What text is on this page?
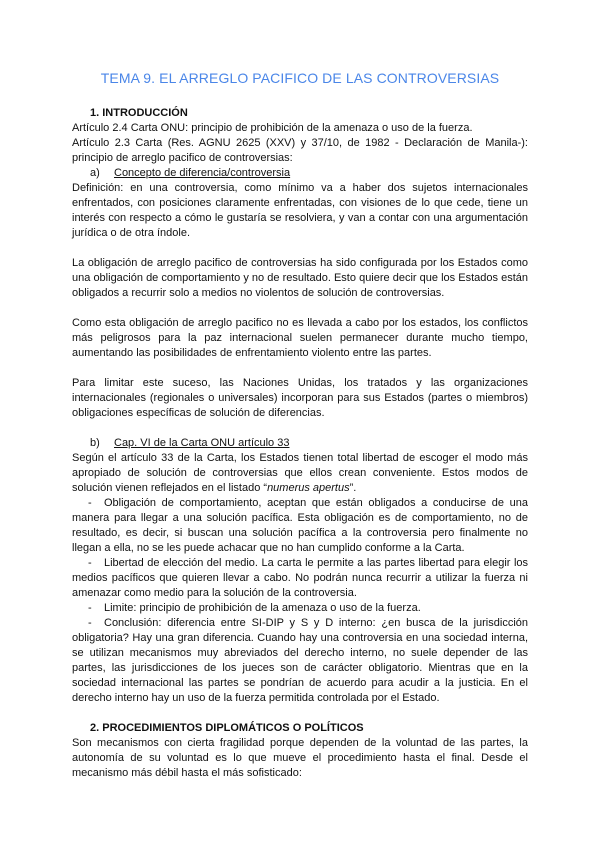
TEMA 9. EL ARREGLO PACIFICO DE LAS CONTROVERSIAS

1. INTRODUCCIÓN

Artículo 2.4 Carta ONU: principio de prohibición de la amenaza o uso de la fuerza.

Artículo 2.3 Carta (Res. AGNU 2625 (XXV) y 37/10, de 1982 - Declaración de Manila-): principio de arreglo pacifico de controversias:

a) Concepto de diferencia/controversia

Definición: en una controversia, como mínimo va a haber dos sujetos internacionales enfrentados, con posiciones claramente enfrentadas, con visiones de lo que cede, tiene un interés con respecto a cómo le gustaría se resolviera, y van a contar con una argumentación jurídica o de otra índole.

La obligación de arreglo pacifico de controversias ha sido configurada por los Estados como una obligación de comportamiento y no de resultado. Esto quiere decir que los Estados están obligados a recurrir solo a medios no violentos de solución de controversias.

Como esta obligación de arreglo pacifico no es llevada a cabo por los estados, los conflictos más peligrosos para la paz internacional suelen permanecer durante mucho tiempo, aumentando las posibilidades de enfrentamiento violento entre las partes.

Para limitar este suceso, las Naciones Unidas, los tratados y las organizaciones internacionales (regionales o universales) incorporan para sus Estados (partes o miembros) obligaciones específicas de solución de diferencias.

b) Cap. VI de la Carta ONU artículo 33

Según el artículo 33 de la Carta, los Estados tienen total libertad de escoger el modo más apropiado de solución de controversias que ellos crean conveniente. Estos modos de solución vienen reflejados en el listado “numerus apertus”.

- Obligación de comportamiento, aceptan que están obligados a conducirse de una manera para llegar a una solución pacífica. Esta obligación es de comportamiento, no de resultado, es decir, si buscan una solución pacífica a la controversia pero finalmente no llegan a ella, no se les puede achacar que no han cumplido conforme a la Carta.

- Libertad de elección del medio. La carta le permite a las partes libertad para elegir los medios pacíficos que quieren llevar a cabo. No podrán nunca recurrir a utilizar la fuerza ni amenazar como medio para la solución de la controversia.

- Limite: principio de prohibición de la amenaza o uso de la fuerza.

- Conclusión: diferencia entre SI-DIP y S y D interno: ¿en busca de la jurisdicción obligatoria? Hay una gran diferencia. Cuando hay una controversia en una sociedad interna, se utilizan mecanismos muy abreviados del derecho interno, no suele depender de las partes, las jurisdicciones de los jueces son de carácter obligatorio. Mientras que en la sociedad internacional las partes se pondrían de acuerdo para acudir a la justicia. En el derecho interno hay un uso de la fuerza permitida controlada por el Estado.

2. PROCEDIMIENTOS DIPLOMÁTICOS O POLÍTICOS

Son mecanismos con cierta fragilidad porque dependen de la voluntad de las partes, la autonomía de su voluntad es lo que mueve el procedimiento hasta el final. Desde el mecanismo más débil hasta el más sofisticado:
